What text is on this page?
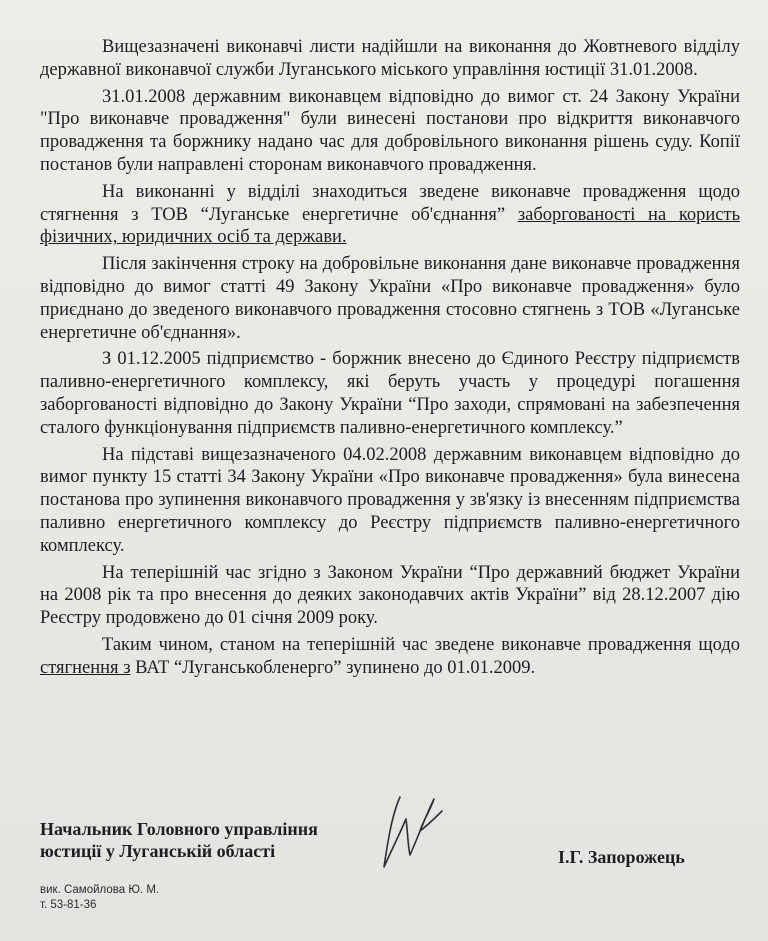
Вищезазначені виконавчі листи надійшли на виконання до Жовтневого відділу державної виконавчої служби Луганського міського управління юстиції 31.01.2008.

31.01.2008 державним виконавцем відповідно до вимог ст. 24 Закону України "Про виконавче провадження" були винесені постанови про відкриття виконавчого провадження та боржнику надано час для добровільного виконання рішень суду. Копії постанов були направлені сторонам виконавчого провадження.

На виконанні у відділі знаходиться зведене виконавче провадження щодо стягнення з ТОВ “Луганське енергетичне об'єднання” заборгованості на користь фізичних, юридичних осіб та держави.

Після закінчення строку на добровільне виконання дане виконавче провадження відповідно до вимог статті 49 Закону України «Про виконавче провадження» було приєднано до зведеного виконавчого провадження стосовно стягнень з ТОВ «Луганське енергетичне об'єднання».

З 01.12.2005 підприємство - боржник внесено до Єдиного Реєстру підприємств паливно-енергетичного комплексу, які беруть участь у процедурі погашення заборгованості відповідно до Закону України “Про заходи, спрямовані на забезпечення сталого функціонування підприємств паливно-енергетичного комплексу.”

На підставі вищезазначеного 04.02.2008 державним виконавцем відповідно до вимог пункту 15 статті 34 Закону України «Про виконавче провадження» була винесена постанова про зупинення виконавчого провадження у зв'язку із внесенням підприємства паливно енергетичного комплексу до Реєстру підприємств паливно-енергетичного комплексу.

На теперішній час згідно з Законом України “Про державний бюджет України на 2008 рік та про внесення до деяких законодавчих актів України” від 28.12.2007 дію Реєстру продовжено до 01 січня 2009 року.

Таким чином, станом на теперішній час зведене виконавче провадження щодо стягнення з ВАТ “Луганськобленерго” зупинено до 01.01.2009.

Начальник Головного управління
юстиції у Луганській області	І.Г. Запорожець
вик. Самойлова Ю. М.
т. 53-81-36
